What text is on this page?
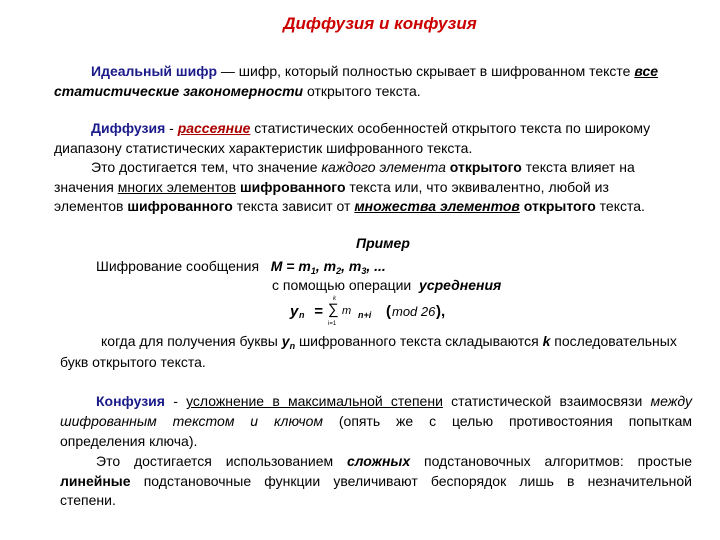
Диффузия и конфузия
Идеальный шифр — шифр, который полностью скрывает в шифрованном тексте все
статистические закономерности открытого текста.
Диффузия - рассеяние статистических особенностей открытого текста по широкому
диапазону статистических характеристик шифрованного текста.
Это достигается тем, что значение каждого элемента открытого текста влияет на
значения многих элементов шифрованного текста или, что эквивалентно, любой из
элементов шифрованного текста зависит от множества элементов открытого текста.
Пример
Шифрование сообщения $M = m_1$, $m_2$, $m_3$, ...
с помощью операции усреднения
y n =
k
∑
i=1
m n+i ( mod 26 ),
когда для получения буквы $y_n$ шифрованного текста складываются k последовательных
букв открытого текста.
Конфузия - усложнение в максимальной степени статистической взаимосвязи между
шифрованным текстом и ключом (опять же с целью противостояния попыткам
определения ключа).
Это достигается использованием сложных подстановочных алгоритмов: простые
линейные подстановочные функции увеличивают беспорядок лишь в незначительной
степени.
